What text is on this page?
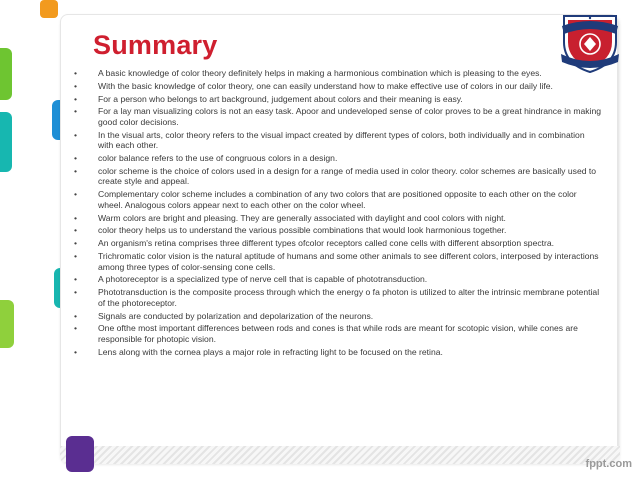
Summary
• A basic knowledge of color theory definitely helps in making a harmonious combination which is pleasing to the eyes.
• With the basic knowledge of color theory, one can easily understand how to make effective use of colors in our daily life.
• For a person who belongs to art background, judgement about colors and their meaning is easy.
• For a lay man visualizing colors is not an easy task. Apoor and undeveloped sense of color proves to be a great hindrance in making good color decisions.
• In the visual arts, color theory refers to the visual impact created by different types of colors, both individually and in combination with each other.
• color balance refers to the use of congruous colors in a design.
• color scheme is the choice of colors used in a design for a range of media used in color theory. color schemes are basically used to create style and appeal.
• Complementary color scheme includes a combination of any two colors that are positioned opposite to each other on the color wheel. Analogous colors appear next to each other on the color wheel.
• Warm colors are bright and pleasing. They are generally associated with daylight and cool colors with night.
• color theory helps us to understand the various possible combinations that would look harmonious together.
• An organism's retina comprises three different types ofcolor receptors called cone cells with different absorption spectra.
• Trichromatic color vision is the natural aptitude of humans and some other animals to see different colors, interposed by interactions among three types of color-sensing cone cells.
• A photoreceptor is a specialized type of nerve cell that is capable of phototransduction.
• Phototransduction is the composite process through which the energy o fa photon is utilized to alter the intrinsic membrane potential of the photoreceptor.
• Signals are conducted by polarization and depolarization of the neurons.
• One ofthe most important differences between rods and cones is that while rods are meant for scotopic vision, while cones are responsible for photopic vision.
• Lens along with the cornea plays a major role in refracting light to be focused on the retina.
fppt.com
